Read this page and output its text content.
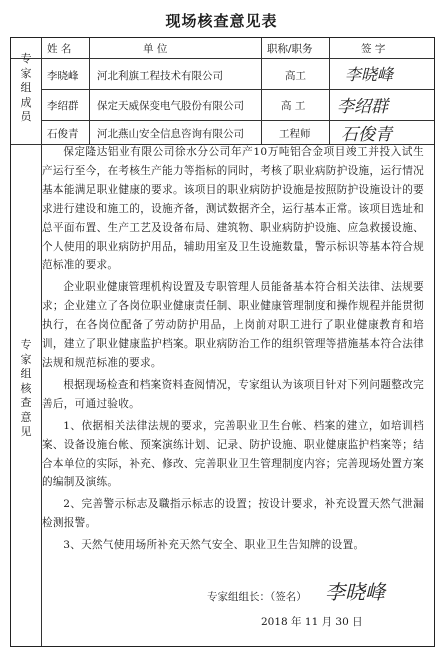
现场核查意见表
姓 名	单 位	职称/职务	签 字
专家组成员
李晓峰 河北利旗工程技术有限公司	高工 李晓峰
李绍群 保定天威保变电气股份有限公司	高 工 李绍群
石俊青 河北燕山安全信息咨询有限公司	工程师 石俊青
专家组核查意见
专家组组长：（签名） 李晓峰
2018 年 11 月 30 日

保定隆达铝业有限公司徐水分公司年产10万吨铝合金项目竣工并投入试生产运行至今，在考核生产能力等指标的同时，考核了职业病防护设施，运行情况基本能满足职业健康的要求。该项目的职业病防护设施是按照防护设施设计的要求进行建设和施工的，设施齐备，测试数据齐全，运行基本正常。该项目选址和总平面布置、生产工艺及设备布局、建筑物、职业病防护设施、应急救援设施、个人使用的职业病防护用品，辅助用室及卫生设施数量，警示标识等基本符合规范标准的要求。

企业职业健康管理机构设置及专职管理人员能备基本符合相关法律、法规要求；企业建立了各岗位职业健康责任制、职业健康管理制度和操作规程并能贯彻执行，在各岗位配备了劳动防护用品，上岗前对职工进行了职业健康教育和培训，建立了职业健康监护档案。职业病防治工作的组织管理等措施基本符合法律法规和规范标准的要求。

根据现场检查和档案资料查阅情况，专家组认为该项目针对下列问题整改完善后，可通过验收。

1、依据相关法律法规的要求，完善职业卫生台帐、档案的建立，如培训档案、设备设施台帐、预案演练计划、记录、防护设施、职业健康监护档案等；结合本单位的实际，补充、修改、完善职业卫生管理制度内容；完善现场处置方案的编制及演练。

2、完善警示标志及職指示标志的设置；按设计要求，补充设置天然气泄漏检测报警。

3、天然气使用场所补充天然气安全、职业卫生告知牌的设置。
